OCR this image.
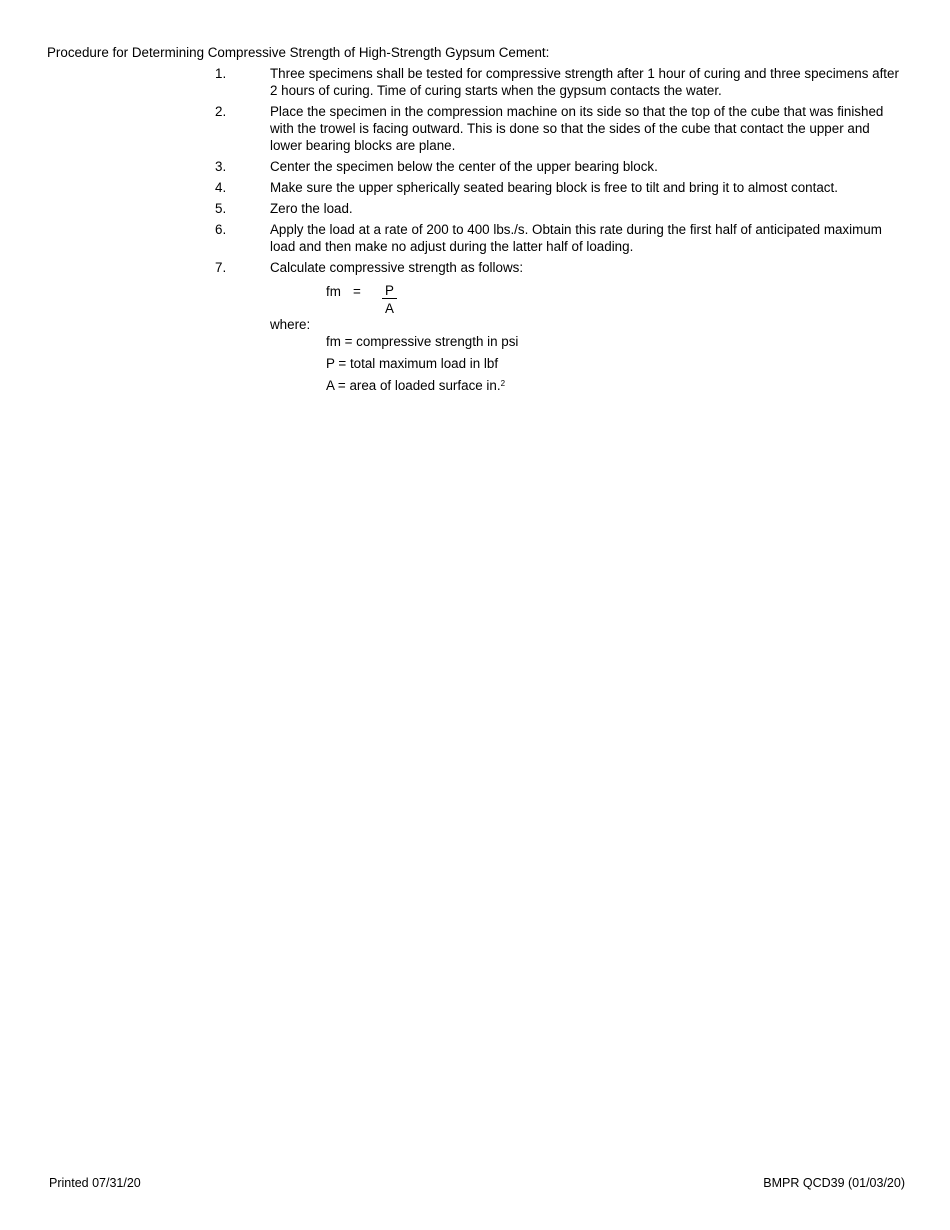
Procedure for Determining Compressive Strength of High-Strength Gypsum Cement:
1.	Three specimens shall be tested for compressive strength after 1 hour of curing and three specimens after 2 hours of curing. Time of curing starts when the gypsum contacts the water.
2.	Place the specimen in the compression machine on its side so that the top of the cube that was finished with the trowel is facing outward. This is done so that the sides of the cube that contact the upper and lower bearing blocks are plane.
3.	Center the specimen below the center of the upper bearing block.
4.	Make sure the upper spherically seated bearing block is free to tilt and bring it to almost contact.
5.	Zero the load.
6.	Apply the load at a rate of 200 to 400 lbs./s. Obtain this rate during the first half of anticipated maximum load and then make no adjust during the latter half of loading.
7.	Calculate compressive strength as follows:
fm = P
A
where:
fm = compressive strength in psi
P = total maximum load in lbf
A = area of loaded surface in.$^2$
Printed 07/31/20	BMPR QCD39 (01/03/20)
